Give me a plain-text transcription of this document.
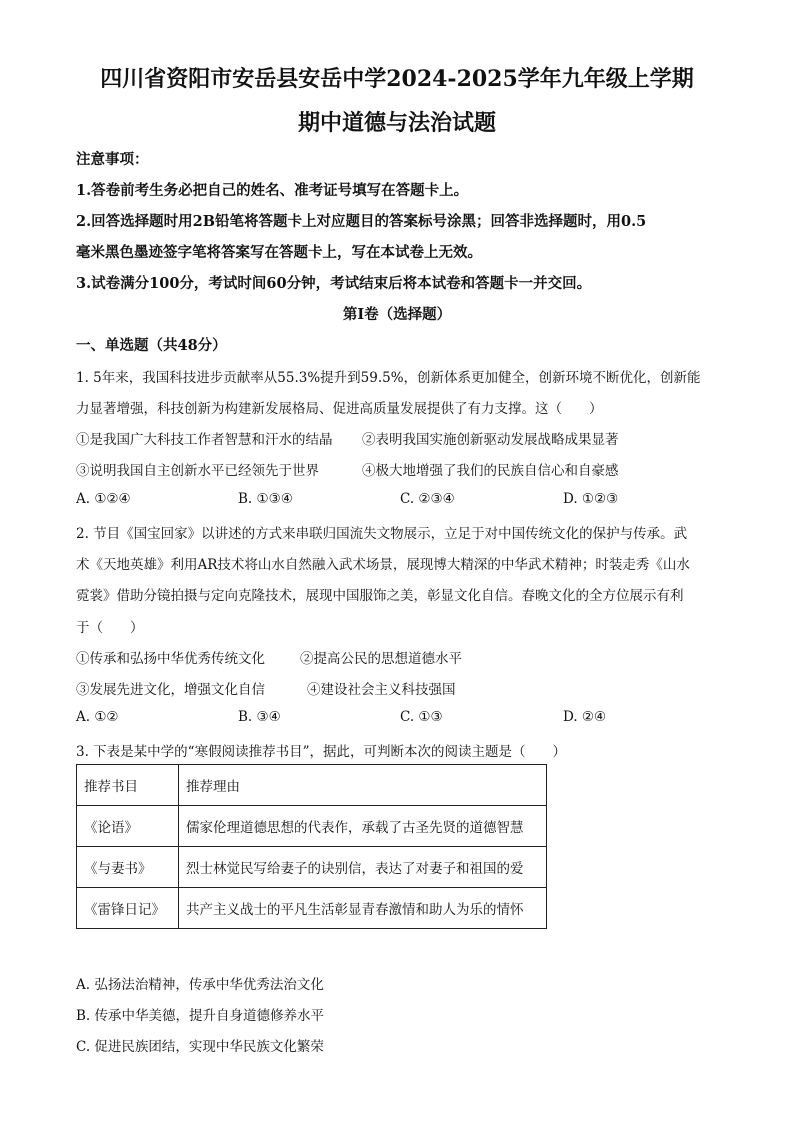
四川省资阳市安岳县安岳中学2024-2025学年九年级上学期
期中道德与法治试题
注意事项：
1.答卷前考生务必把自己的姓名、准考证号填写在答题卡上。
2.回答选择题时用2B铅笔将答题卡上对应题目的答案标号涂黑；回答非选择题时，用0.5
毫米黑色墨迹签字笔将答案写在答题卡上，写在本试卷上无效。
3.试卷满分100分，考试时间60分钟，考试结束后将本试卷和答题卡一并交回。
第Ⅰ卷（选择题）
一、单选题（共48分）
1. 5年来，我国科技进步贡献率从55.3%提升到59.5%，创新体系更加健全，创新环境不断优化，创新能
力显著增强，科技创新为构建新发展格局、促进高质量发展提供了有力支撑。这（　　）
①是我国广大科技工作者智慧和汗水的结晶 ②表明我国实施创新驱动发展战略成果显著
③说明我国自主创新水平已经领先于世界	④极大地增强了我们的民族自信心和自豪感
A. ①②④	B. ①③④	C. ②③④	D. ①②③
2. 节目《国宝回家》以讲述的方式来串联归国流失文物展示，立足于对中国传统文化的保护与传承。武
术《天地英雄》利用AR技术将山水自然融入武术场景，展现博大精深的中华武术精神；时装走秀《山水
霓裳》借助分镜拍摄与定向克隆技术，展现中国服饰之美，彰显文化自信。春晚文化的全方位展示有利
于（　　）
①传承和弘扬中华优秀传统文化	②提高公民的思想道德水平
③发展先进文化，增强文化自信	④建设社会主义科技强国
A. ①②	B. ③④	C. ①③	D. ②④
3. 下表是某中学的“寒假阅读推荐书目”，据此，可判断本次的阅读主题是（　　）
推荐书目	推荐理由
《论语》	儒家伦理道德思想的代表作，承载了古圣先贤的道德智慧
《与妻书》	烈士林觉民写给妻子的诀别信，表达了对妻子和祖国的爱
《雷锋日记》	共产主义战士的平凡生活彰显青春激情和助人为乐的情怀
A. 弘扬法治精神，传承中华优秀法治文化
B. 传承中华美德，提升自身道德修养水平
C. 促进民族团结，实现中华民族文化繁荣
